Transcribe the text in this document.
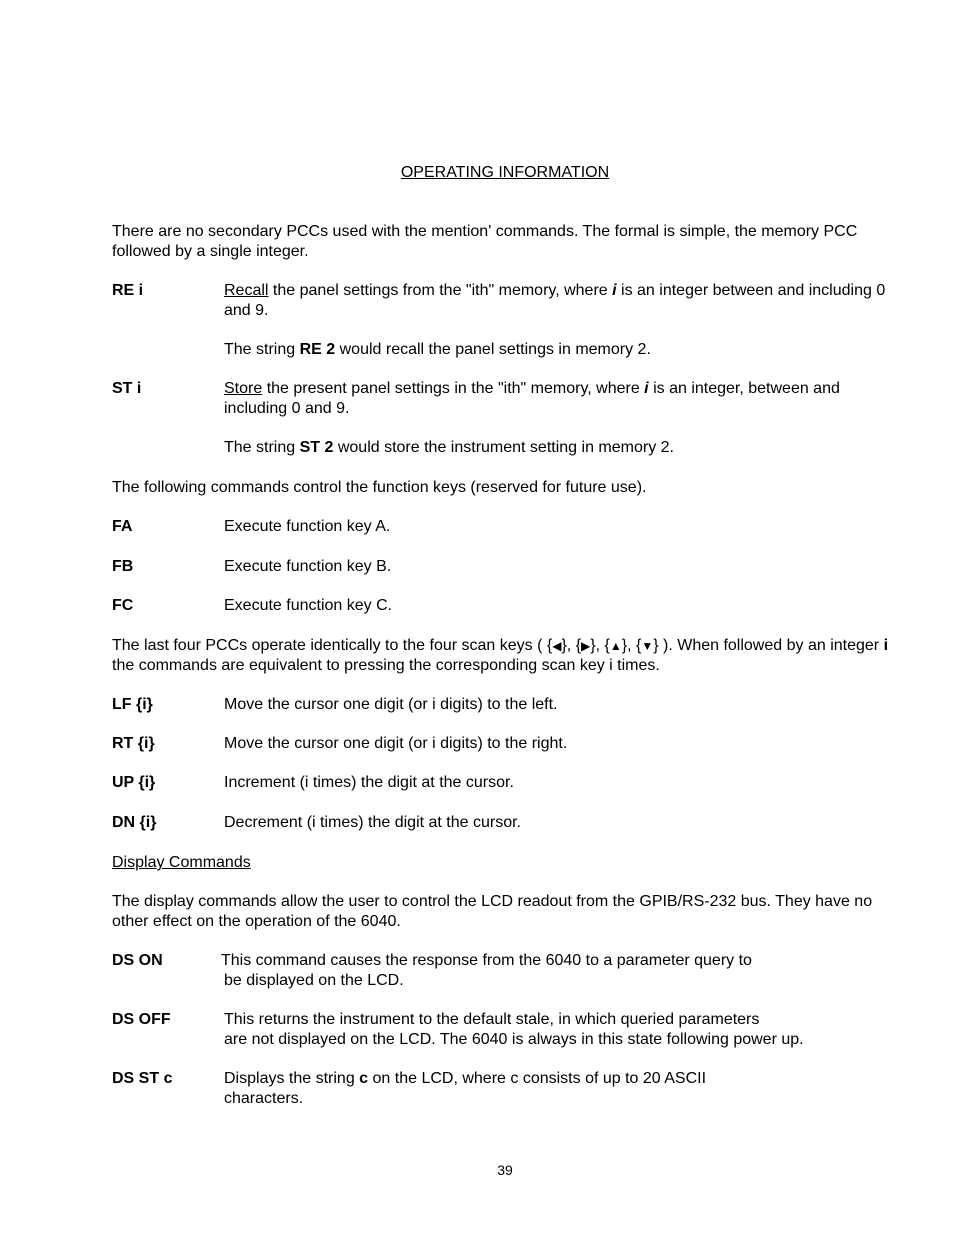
OPERATING INFORMATION
There are no secondary PCCs used with the mention' commands. The formal is simple, the memory PCC followed by a single integer.
RE i	Recall the panel settings from the "ith" memory, where i is an integer between and including 0 and 9.
The string RE 2 would recall the panel settings in memory 2.
ST i	Store the present panel settings in the "ith" memory, where i is an integer, between and including 0 and 9.
The string ST 2 would store the instrument setting in memory 2.
The following commands control the function keys (reserved for future use).
FA	Execute function key A.
FB	Execute function key B.
FC	Execute function key C.
The last four PCCs operate identically to the four scan keys ( {◀}, {▶}, {▲}, {▼} ). When followed by an integer i the commands are equivalent to pressing the corresponding scan key i times.
LF {i}	Move the cursor one digit (or i digits) to the left.
RT {i}	Move the cursor one digit (or i digits) to the right.
UP {i}	Increment (i times) the digit at the cursor.
DN {i}	Decrement (i times) the digit at the cursor.
Display Commands
The display commands allow the user to control the LCD readout from the GPIB/RS-232 bus. They have no other effect on the operation of the 6040.
DS ON	This command causes the response from the 6040 to a parameter query to
be displayed on the LCD.
DS OFF	This returns the instrument to the default stale, in which queried parameters
are not displayed on the LCD. The 6040 is always in this state following power up.
DS ST c	Displays the string c on the LCD, where c consists of up to 20 ASCII
characters.
39
